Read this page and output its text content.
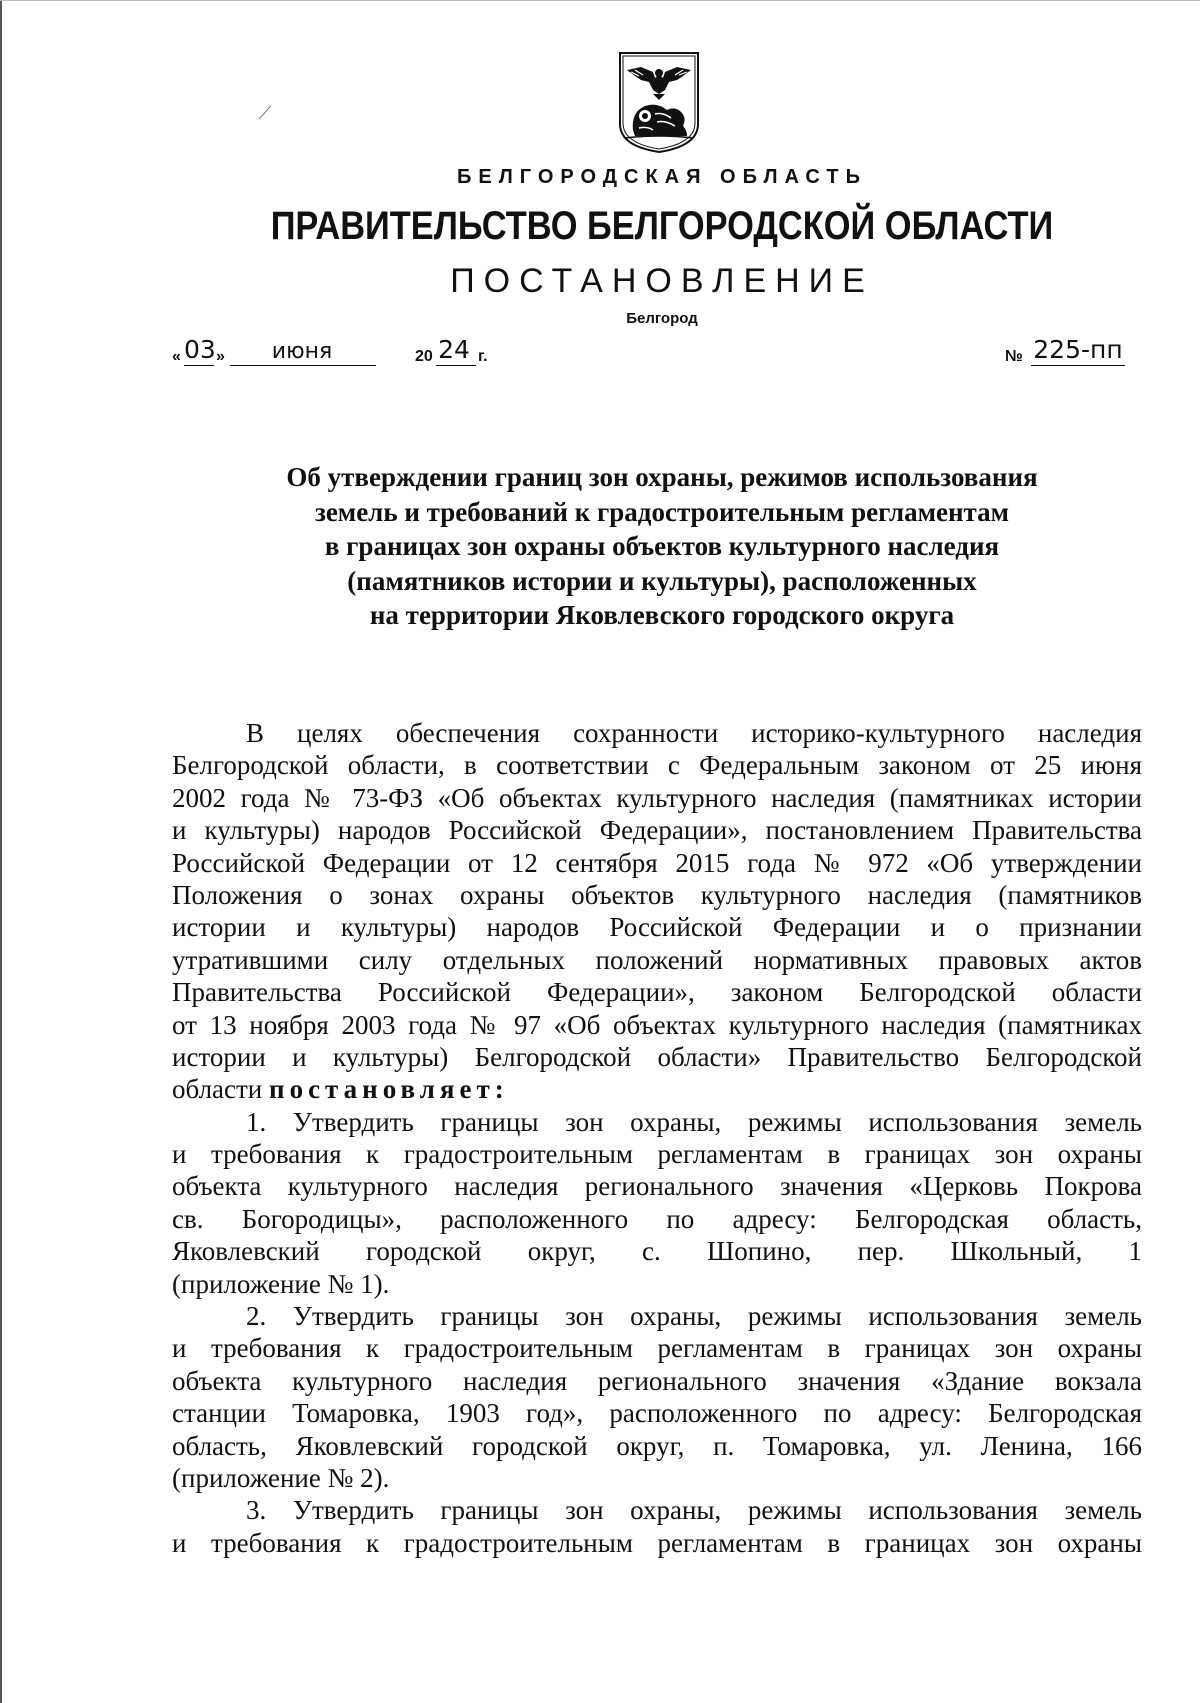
БЕЛГОРОДСКАЯ ОБЛАСТЬ
ПРАВИТЕЛЬСТВО БЕЛГОРОДСКОЙ ОБЛАСТИ
ПОСТАНОВЛЕНИЕ
Белгород
« 03 »	июня	20 24 г.	№ 225-пп
Об утверждении границ зон охраны, режимов использования
земель и требований к градостроительным регламентам
в границах зон охраны объектов культурного наследия
(памятников истории и культуры), расположенных
на территории Яковлевского городского округа
В целях обеспечения сохранности историко-культурного наследия
Белгородской области, в соответствии с Федеральным законом от 25 июня
2002 года № 73-ФЗ «Об объектах культурного наследия (памятниках истории
и культуры) народов Российской Федерации», постановлением Правительства
Российской Федерации от 12 сентября 2015 года № 972 «Об утверждении
Положения о зонах охраны объектов культурного наследия (памятников
истории и культуры) народов Российской Федерации и о признании
утратившими силу отдельных положений нормативных правовых актов
Правительства Российской Федерации», законом Белгородской области
от 13 ноября 2003 года № 97 «Об объектах культурного наследия (памятниках
истории и культуры) Белгородской области» Правительство Белгородской
области постановляет:
1. Утвердить границы зон охраны, режимы использования земель
и требования к градостроительным регламентам в границах зон охраны
объекта культурного наследия регионального значения «Церковь Покрова
св. Богородицы», расположенного по адресу: Белгородская область,
Яковлевский городской округ, с. Шопино, пер. Школьный, 1
(приложение № 1).
2. Утвердить границы зон охраны, режимы использования земель
и требования к градостроительным регламентам в границах зон охраны
объекта культурного наследия регионального значения «Здание вокзала
станции Томаровка, 1903 год», расположенного по адресу: Белгородская
область, Яковлевский городской округ, п. Томаровка, ул. Ленина, 166
(приложение № 2).
3. Утвердить границы зон охраны, режимы использования земель
и требования к градостроительным регламентам в границах зон охраны
